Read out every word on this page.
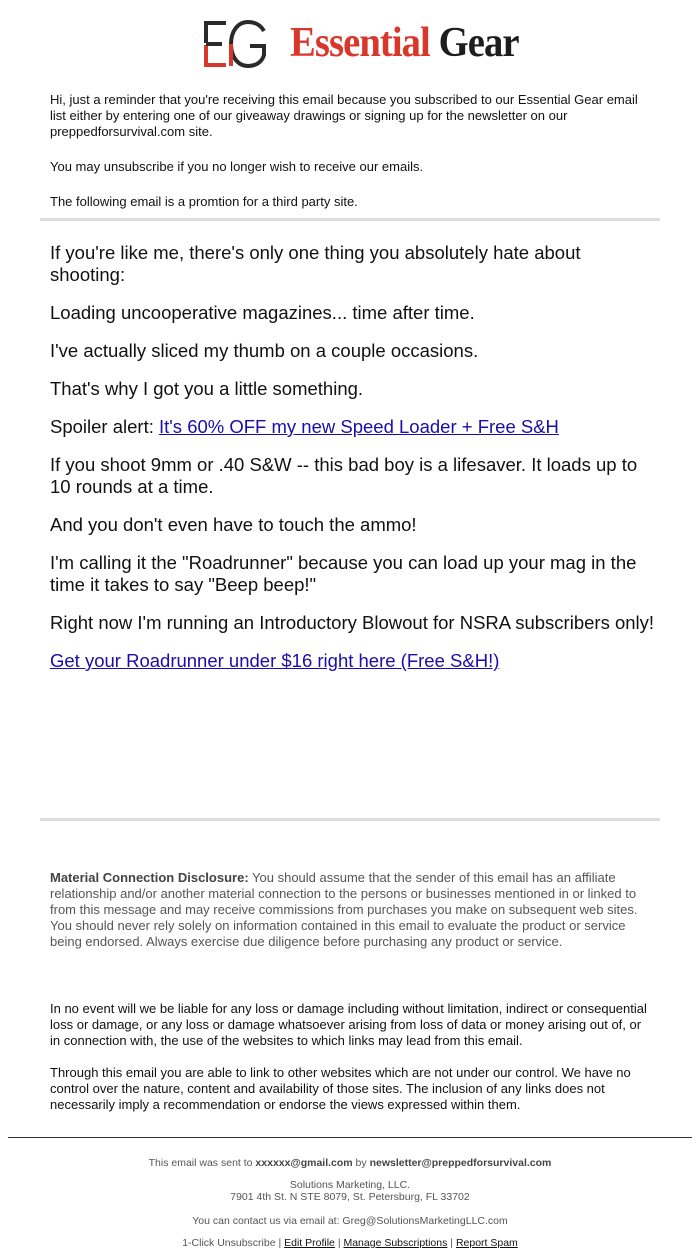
Essential Gear

Hi, just a reminder that you're receiving this email because you subscribed to our Essential Gear email list either by entering one of our giveaway drawings or signing up for the newsletter on our preppedforsurvival.com site.

You may unsubscribe if you no longer wish to receive our emails.

The following email is a promtion for a third party site.

If you're like me, there's only one thing you absolutely hate about shooting:

Loading uncooperative magazines... time after time.

I've actually sliced my thumb on a couple occasions.

That's why I got you a little something.

Spoiler alert: It's 60% OFF my new Speed Loader + Free S&H

If you shoot 9mm or .40 S&W -- this bad boy is a lifesaver. It loads up to 10 rounds at a time.

And you don't even have to touch the ammo!

I'm calling it the "Roadrunner" because you can load up your mag in the time it takes to say "Beep beep!"

Right now I'm running an Introductory Blowout for NSRA subscribers only!

Get your Roadrunner under $16 right here (Free S&H!)

Material Connection Disclosure: You should assume that the sender of this email has an affiliate relationship and/or another material connection to the persons or businesses mentioned in or linked to from this message and may receive commissions from purchases you make on subsequent web sites. You should never rely solely on information contained in this email to evaluate the product or service being endorsed. Always exercise due diligence before purchasing any product or service.

In no event will we be liable for any loss or damage including without limitation, indirect or consequential loss or damage, or any loss or damage whatsoever arising from loss of data or money arising out of, or in connection with, the use of the websites to which links may lead from this email.

Through this email you are able to link to other websites which are not under our control. We have no control over the nature, content and availability of those sites. The inclusion of any links does not necessarily imply a recommendation or endorse the views expressed within them.

This email was sent to xxxxxx@gmail.com by newsletter@preppedforsurvival.com
Solutions Marketing, LLC.
7901 4th St. N STE 8079, St. Petersburg, FL 33702
You can contact us via email at: Greg@SolutionsMarketingLLC.com
1-Click Unsubscribe | Edit Profile | Manage Subscriptions | Report Spam
